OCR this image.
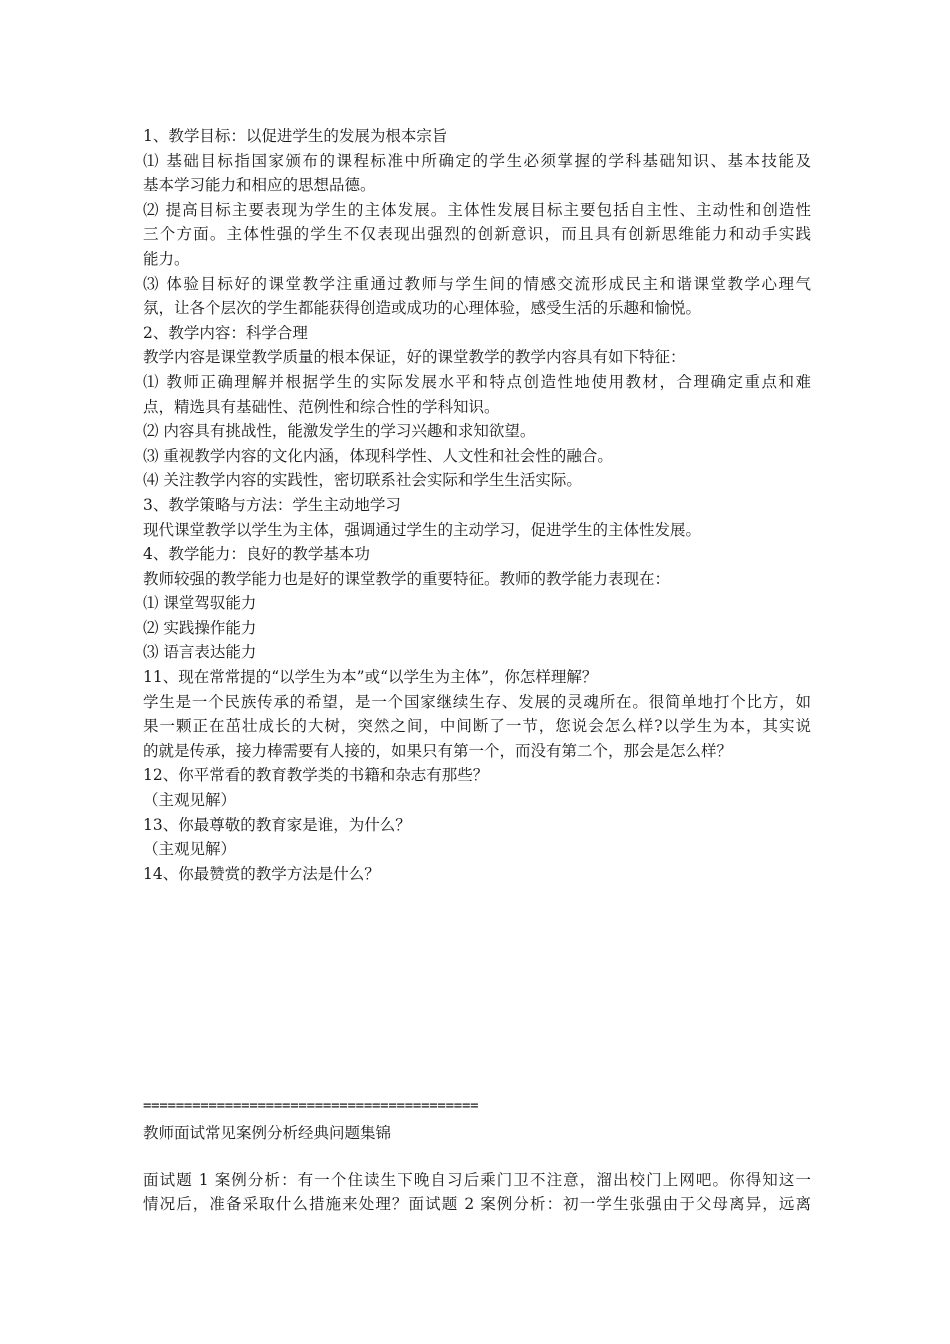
1、教学目标：以促进学生的发展为根本宗旨
⑴ 基础目标指国家颁布的课程标准中所确定的学生必须掌握的学科基础知识、基本技能及
基本学习能力和相应的思想品德。
⑵ 提高目标主要表现为学生的主体发展。主体性发展目标主要包括自主性、主动性和创造性
三个方面。主体性强的学生不仅表现出强烈的创新意识，而且具有创新思维能力和动手实践
能力。
⑶ 体验目标好的课堂教学注重通过教师与学生间的情感交流形成民主和谐课堂教学心理气
氛，让各个层次的学生都能获得创造或成功的心理体验，感受生活的乐趣和愉悦。
2、教学内容：科学合理
教学内容是课堂教学质量的根本保证，好的课堂教学的教学内容具有如下特征：
⑴ 教师正确理解并根据学生的实际发展水平和特点创造性地使用教材，合理确定重点和难
点，精选具有基础性、范例性和综合性的学科知识。
⑵ 内容具有挑战性，能激发学生的学习兴趣和求知欲望。
⑶ 重视教学内容的文化内涵，体现科学性、人文性和社会性的融合。
⑷ 关注教学内容的实践性，密切联系社会实际和学生生活实际。
3、教学策略与方法：学生主动地学习
现代课堂教学以学生为主体，强调通过学生的主动学习，促进学生的主体性发展。
4、教学能力：良好的教学基本功
教师较强的教学能力也是好的课堂教学的重要特征。教师的教学能力表现在：
⑴ 课堂驾驭能力
⑵ 实践操作能力
⑶ 语言表达能力
11、现在常常提的“以学生为本”或“以学生为主体”，你怎样理解？
学生是一个民族传承的希望，是一个国家继续生存、发展的灵魂所在。很简单地打个比方，如
果一颗正在茁壮成长的大树，突然之间，中间断了一节，您说会怎么样?以学生为本，其实说
的就是传承，接力棒需要有人接的，如果只有第一个，而没有第二个，那会是怎么样？
12、你平常看的教育教学类的书籍和杂志有那些？
（主观见解）
13、你最尊敬的教育家是谁，为什么？
（主观见解）
14、你最赞赏的教学方法是什么？
=========================================
教师面试常见案例分析经典问题集锦
面试题 1 案例分析：有一个住读生下晚自习后乘门卫不注意，溜出校门上网吧。你得知这一
情况后，准备采取什么措施来处理？面试题 2 案例分析：初一学生张强由于父母离异，远离
